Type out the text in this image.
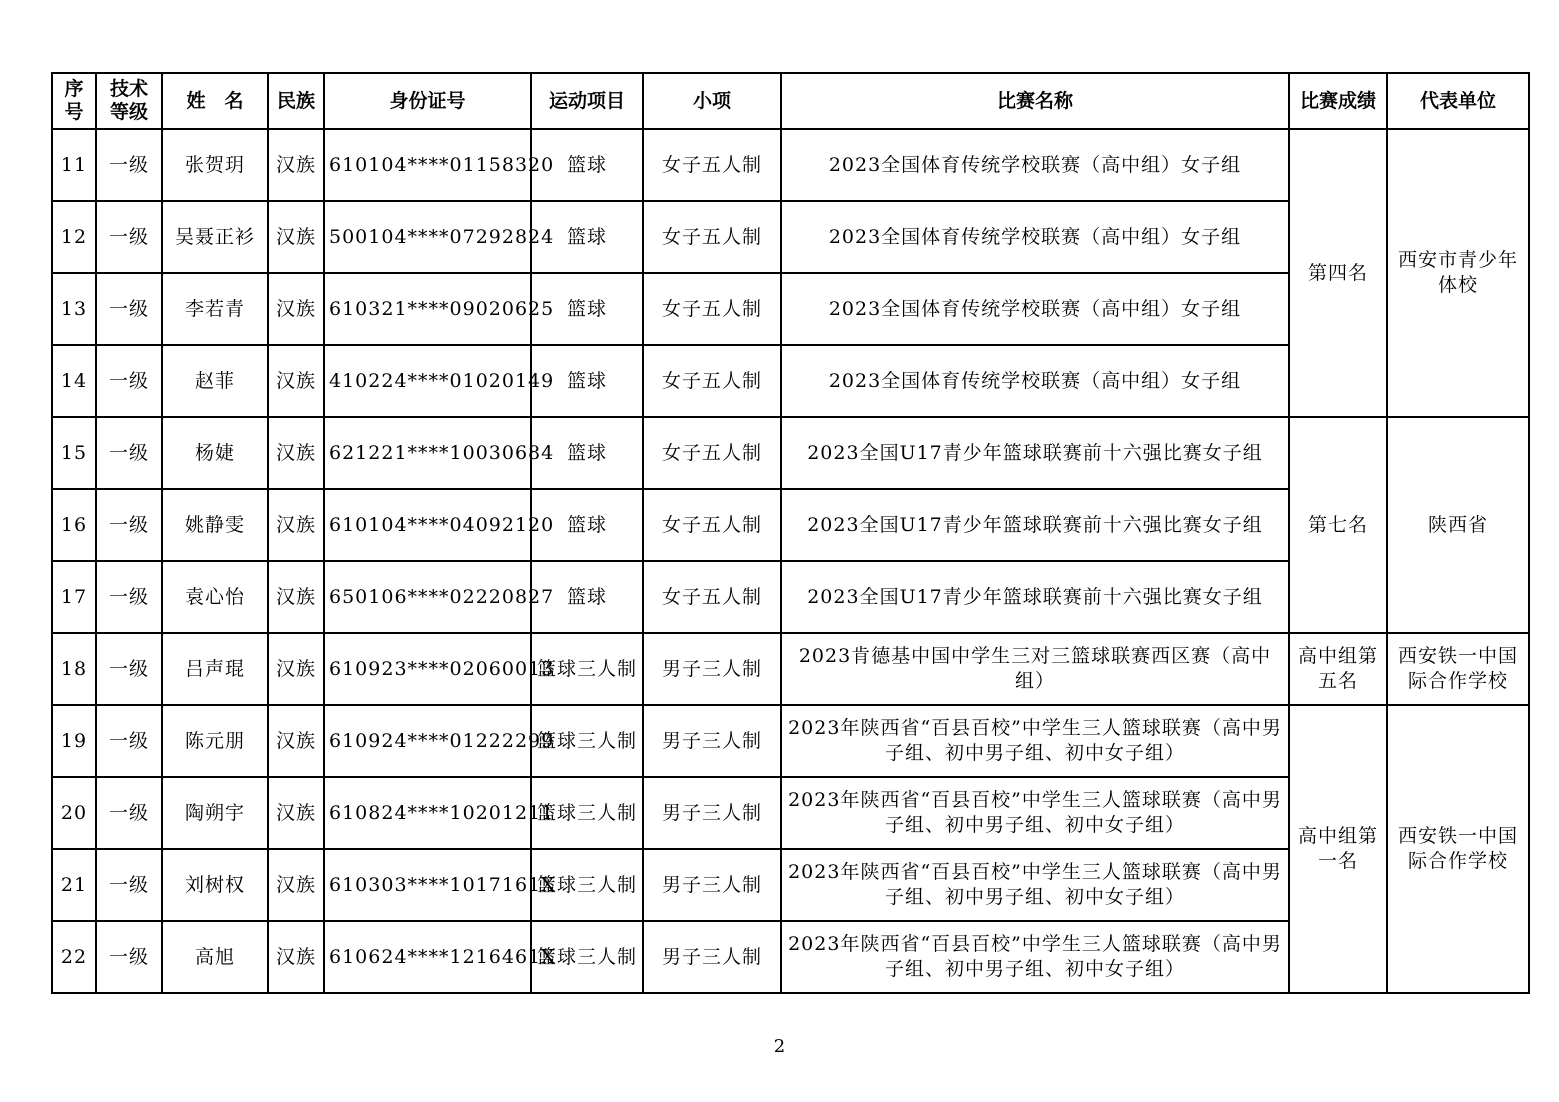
序号	技术等级	姓　名	民族	身份证号	运动项目	小项	比赛名称	比赛成绩	代表单位
11	一级	张贺玥	汉族	610104****01158320	篮球	女子五人制	2023全国体育传统学校联赛（高中组）女子组	第四名	西安市青少年体校
12	一级	吴聂正衫	汉族	500104****07292824	篮球	女子五人制	2023全国体育传统学校联赛（高中组）女子组		
13	一级	李若青	汉族	610321****09020625	篮球	女子五人制	2023全国体育传统学校联赛（高中组）女子组		
14	一级	赵菲	汉族	410224****01020149	篮球	女子五人制	2023全国体育传统学校联赛（高中组）女子组		
15	一级	杨婕	汉族	621221****10030684	篮球	女子五人制	2023全国U17青少年篮球联赛前十六强比赛女子组	第七名	陕西省
16	一级	姚静雯	汉族	610104****04092120	篮球	女子五人制	2023全国U17青少年篮球联赛前十六强比赛女子组		
17	一级	袁心怡	汉族	650106****02220827	篮球	女子五人制	2023全国U17青少年篮球联赛前十六强比赛女子组		
18	一级	吕声琨	汉族	610923****02060013	篮球三人制	男子三人制	2023肯德基中国中学生三对三篮球联赛西区赛（高中组）	高中组第五名	西安铁一中国际合作学校
19	一级	陈元朋	汉族	610924****01222299	篮球三人制	男子三人制	2023年陕西省“百县百校”中学生三人篮球联赛（高中男子组、初中男子组、初中女子组）	高中组第一名	西安铁一中国际合作学校
20	一级	陶朔宇	汉族	610824****10201211	篮球三人制	男子三人制	2023年陕西省“百县百校”中学生三人篮球联赛（高中男子组、初中男子组、初中女子组）		
21	一级	刘树权	汉族	610303****1017161X	篮球三人制	男子三人制	2023年陕西省“百县百校”中学生三人篮球联赛（高中男子组、初中男子组、初中女子组）		
22	一级	高旭	汉族	610624****1216461X	篮球三人制	男子三人制	2023年陕西省“百县百校”中学生三人篮球联赛（高中男子组、初中男子组、初中女子组）		
2
